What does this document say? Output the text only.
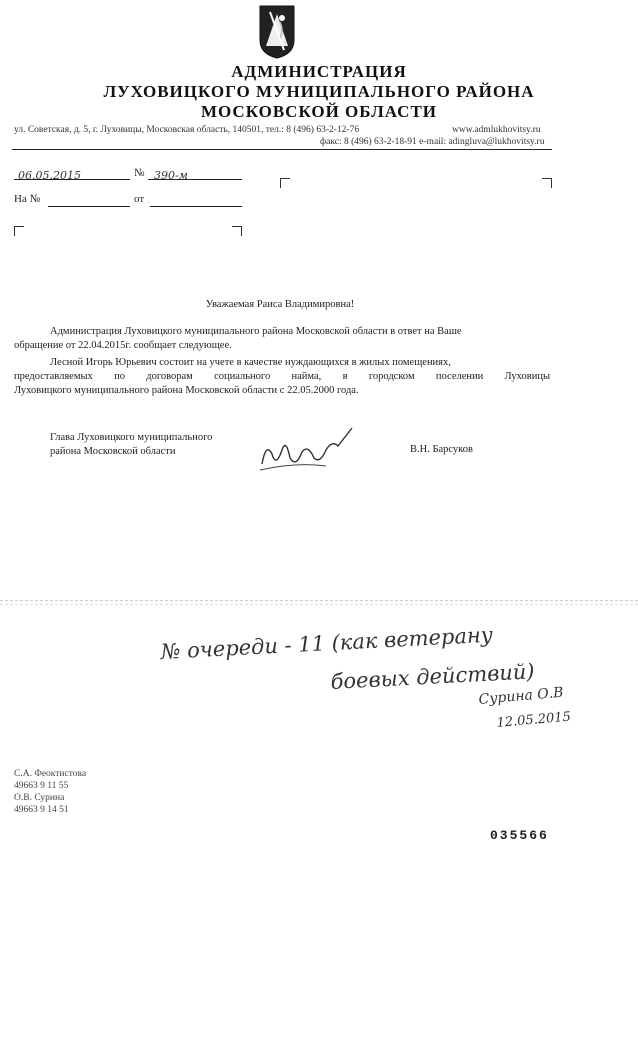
АДМИНИСТРАЦИЯ
ЛУХОВИЦКОГО МУНИЦИПАЛЬНОГО РАЙОНА
МОСКОВСКОЙ ОБЛАСТИ
ул. Советская, д. 5, г. Луховицы, Московская область, 140501, тел.: 8 (496) 63-2-12-76	www.admlukhovitsy.ru
факс: 8 (496) 63-2-18-91 e-mail: adingluva@lukhovitsy.ru
06.05.2015	№ 390-м
На №	от
Уважаемая Раиса Владимировна!
Администрация Луховицкого муниципального района Московской области в ответ на Ваше
обращение от 22.04.2015г. сообщает следующее.
Лесной Игорь Юрьевич состоит на учете в качестве нуждающихся в жилых помещениях,
предоставляемых по договорам социального найма, в городском поселении Луховицы
Луховицкого муниципального района Московской области с 22.05.2000 года.
Глава Луховицкого муниципального
района Московской области	В.Н. Барсуков
№ очереди - 11 (как ветерану
боевых действий)
Сурина О.В
12.05.2015
С.А. Феоктистова
49663 9 11 55
О.В. Сурина
49663 9 14 51
035566
